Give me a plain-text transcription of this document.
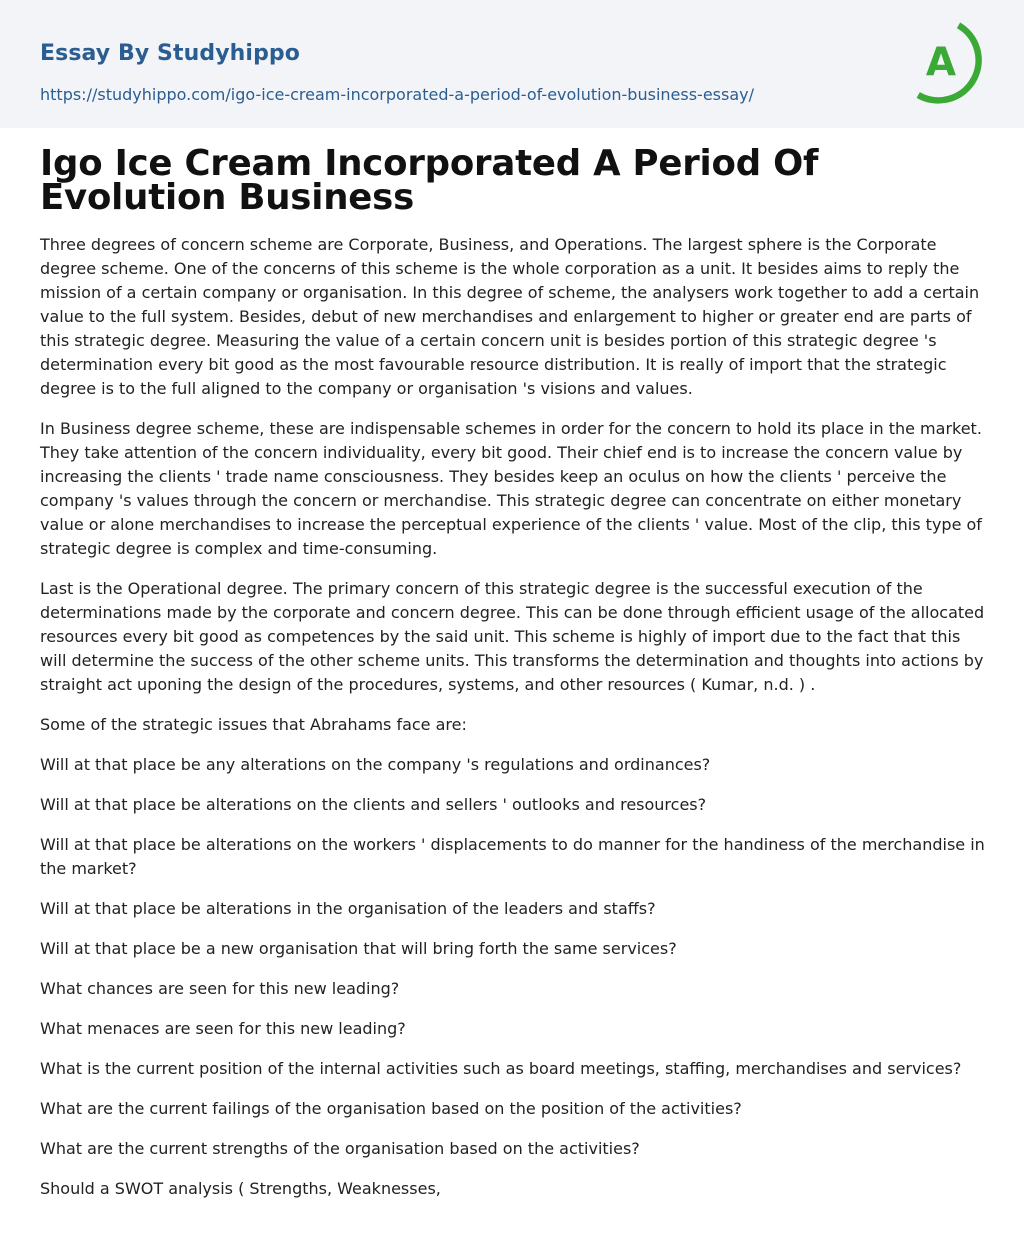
Essay By Studyhippo
https://studyhippo.com/igo-ice-cream-incorporated-a-period-of-evolution-business-essay/
A
Igo Ice Cream Incorporated A Period Of Evolution Business

Three degrees of concern scheme are Corporate, Business, and Operations. The largest sphere is the Corporate degree scheme. One of the concerns of this scheme is the whole corporation as a unit. It besides aims to reply the mission of a certain company or organisation. In this degree of scheme, the analysers work together to add a certain value to the full system. Besides, debut of new merchandises and enlargement to higher or greater end are parts of this strategic degree. Measuring the value of a certain concern unit is besides portion of this strategic degree 's determination every bit good as the most favourable resource distribution. It is really of import that the strategic degree is to the full aligned to the company or organisation 's visions and values.

In Business degree scheme, these are indispensable schemes in order for the concern to hold its place in the market. They take attention of the concern individuality, every bit good. Their chief end is to increase the concern value by increasing the clients ' trade name consciousness. They besides keep an oculus on how the clients ' perceive the company 's values through the concern or merchandise. This strategic degree can concentrate on either monetary value or alone merchandises to increase the perceptual experience of the clients ' value. Most of the clip, this type of strategic degree is complex and time-consuming.

Last is the Operational degree. The primary concern of this strategic degree is the successful execution of the determinations made by the corporate and concern degree. This can be done through efficient usage of the allocated resources every bit good as competences by the said unit. This scheme is highly of import due to the fact that this will determine the success of the other scheme units. This transforms the determination and thoughts into actions by straight act uponing the design of the procedures, systems, and other resources ( Kumar, n.d. ) .

Some of the strategic issues that Abrahams face are:

Will at that place be any alterations on the company 's regulations and ordinances?

Will at that place be alterations on the clients and sellers ' outlooks and resources?

Will at that place be alterations on the workers ' displacements to do manner for the handiness of the merchandise in the market?

Will at that place be alterations in the organisation of the leaders and staffs?

Will at that place be a new organisation that will bring forth the same services?

What chances are seen for this new leading?

What menaces are seen for this new leading?

What is the current position of the internal activities such as board meetings, staffing, merchandises and services?

What are the current failings of the organisation based on the position of the activities?

What are the current strengths of the organisation based on the activities?

Should a SWOT analysis ( Strengths, Weaknesses,
